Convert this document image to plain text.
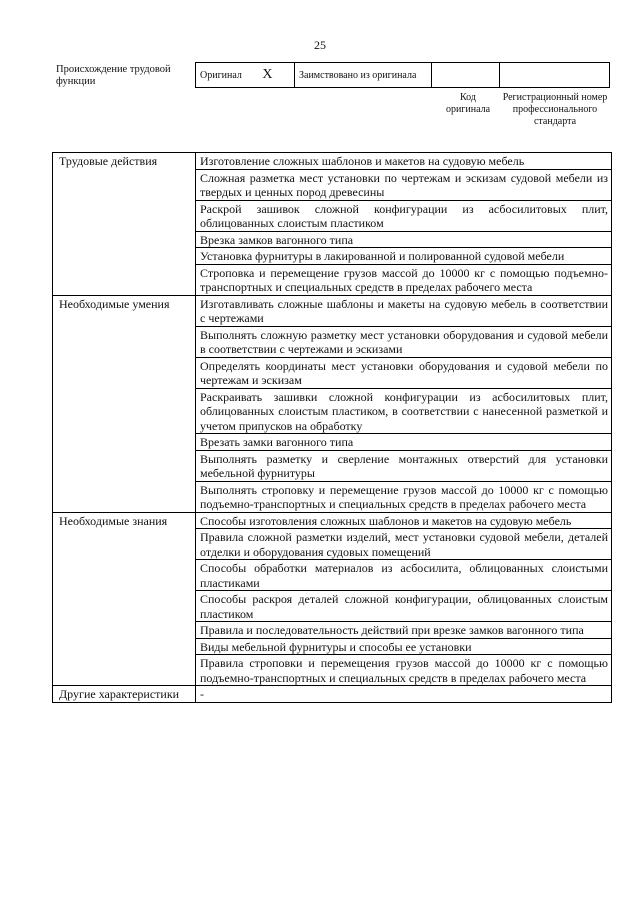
25
Происхождение трудовой функции
Оригинал X	Заимствовано из оригинала		
Код оригинала
Регистрационный номер профессионального стандарта
Трудовые действия	Изготовление сложных шаблонов и макетов на судовую мебель
	Сложная разметка мест установки по чертежам и эскизам судовой мебели из твердых и ценных пород древесины
	Раскрой зашивок сложной конфигурации из асбосилитовых плит, облицованных слоистым пластиком
	Врезка замков вагонного типа
	Установка фурнитуры в лакированной и полированной судовой мебели
	Строповка и перемещение грузов массой до 10000 кг с помощью подъемно-транспортных и специальных средств в пределах рабочего места
Необходимые умения	Изготавливать сложные шаблоны и макеты на судовую мебель в соответствии с чертежами
	Выполнять сложную разметку мест установки оборудования и судовой мебели в соответствии с чертежами и эскизами
	Определять координаты мест установки оборудования и судовой мебели по чертежам и эскизам
	Раскраивать зашивки сложной конфигурации из асбосилитовых плит, облицованных слоистым пластиком, в соответствии с нанесенной разметкой и учетом припусков на обработку
	Врезать замки вагонного типа
	Выполнять разметку и сверление монтажных отверстий для установки мебельной фурнитуры
	Выполнять строповку и перемещение грузов массой до 10000 кг с помощью подъемно-транспортных и специальных средств в пределах рабочего места
Необходимые знания	Способы изготовления сложных шаблонов и макетов на судовую мебель
	Правила сложной разметки изделий, мест установки судовой мебели, деталей отделки и оборудования судовых помещений
	Способы обработки материалов из асбосилита, облицованных слоистыми пластиками
	Способы раскроя деталей сложной конфигурации, облицованных слоистым пластиком
	Правила и последовательность действий при врезке замков вагонного типа
	Виды мебельной фурнитуры и способы ее установки
	Правила строповки и перемещения грузов массой до 10000 кг с помощью подъемно-транспортных и специальных средств в пределах рабочего места
Другие характеристики	-
